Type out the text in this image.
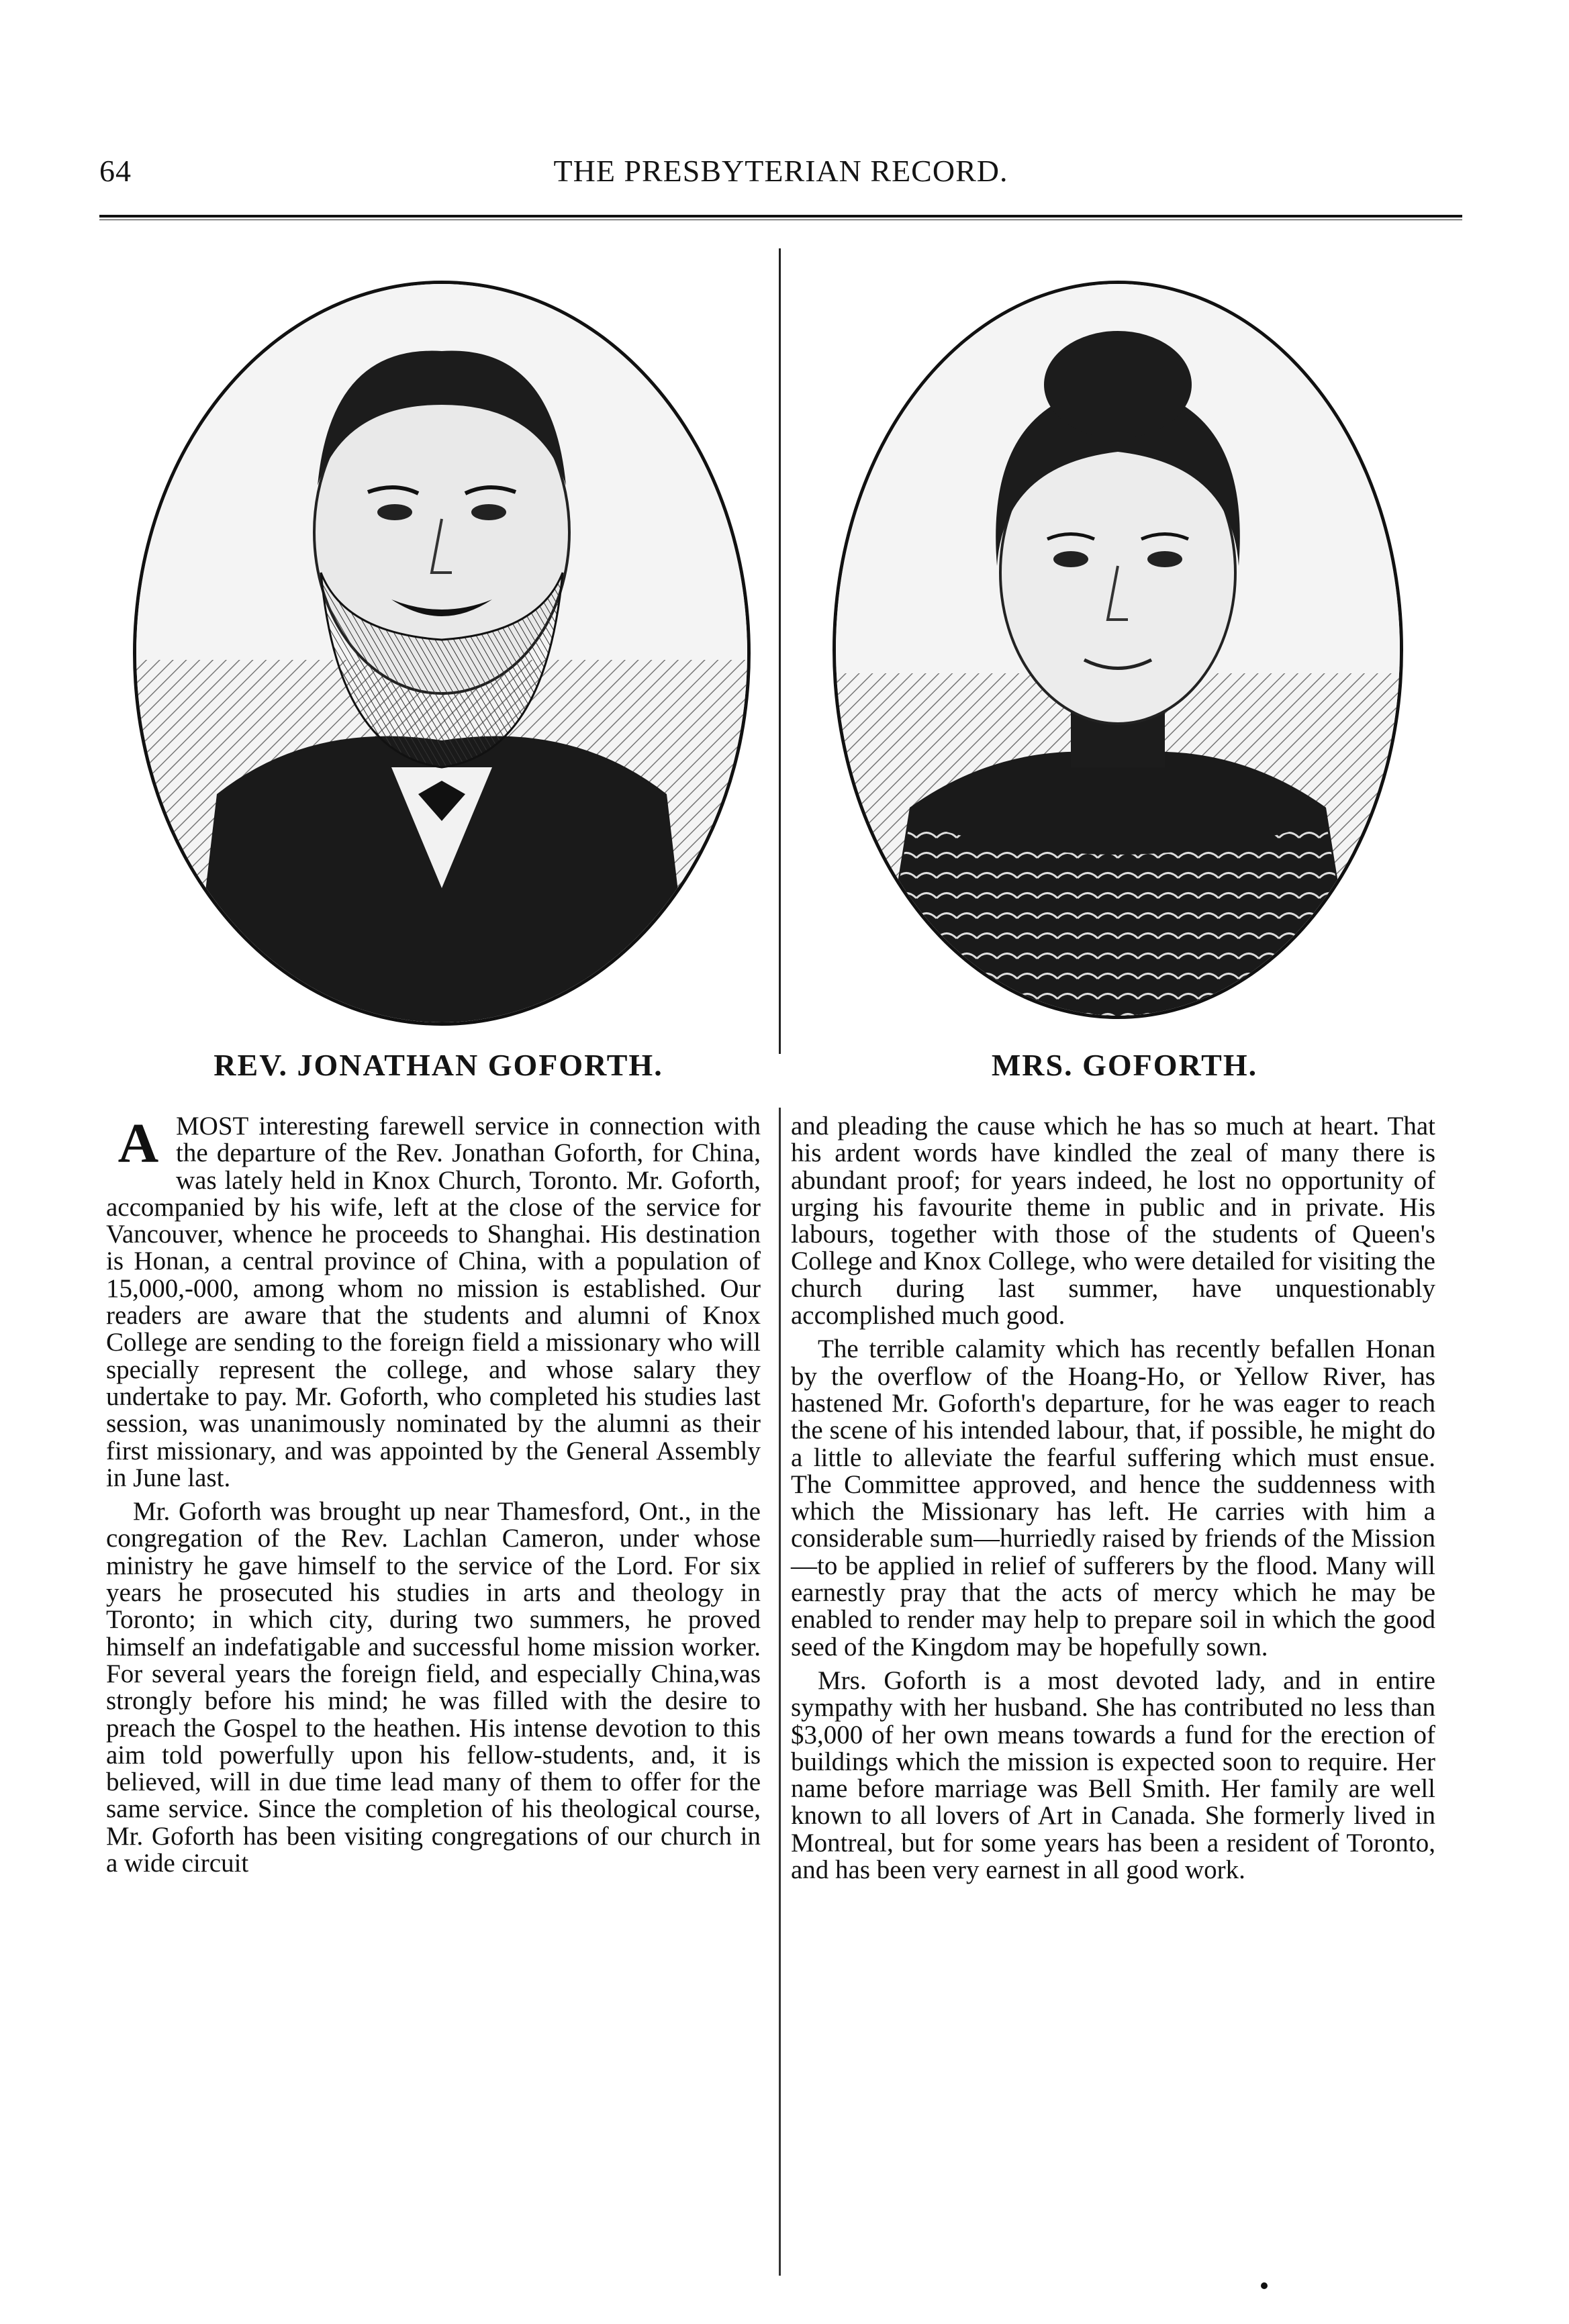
64	THE PRESBYTERIAN RECORD.
REV. JONATHAN GOFORTH.	MRS. GOFORTH.

AMOST interesting farewell service in connection with the departure of the Rev. Jonathan Goforth, for China, was lately held in Knox Church, Toronto. Mr. Goforth, accompanied by his wife, left at the close of the service for Vancouver, whence he proceeds to Shanghai. His destination is Honan, a central province of China, with a population of 15,000,-000, among whom no mission is established. Our readers are aware that the students and alumni of Knox College are sending to the foreign field a missionary who will specially represent the college, and whose salary they undertake to pay. Mr. Goforth, who completed his studies last session, was unanimously nominated by the alumni as their first missionary, and was appointed by the General Assembly in June last.

Mr. Goforth was brought up near Thamesford, Ont., in the congregation of the Rev. Lachlan Cameron, under whose ministry he gave himself to the service of the Lord. For six years he prosecuted his studies in arts and theology in Toronto; in which city, during two summers, he proved himself an indefatigable and successful home mission worker. For several years the foreign field, and especially China,was strongly before his mind; he was filled with the desire to preach the Gospel to the heathen. His intense devotion to this aim told powerfully upon his fellow-students, and, it is believed, will in due time lead many of them to offer for the same service. Since the completion of his theological course, Mr. Goforth has been visiting congregations of our church in a wide circuit

and pleading the cause which he has so much at heart. That his ardent words have kindled the zeal of many there is abundant proof; for years indeed, he lost no opportunity of urging his favourite theme in public and in private. His labours, together with those of the students of Queen's College and Knox College, who were detailed for visiting the church during last summer, have unquestionably accomplished much good.

The terrible calamity which has recently befallen Honan by the overflow of the Hoang-Ho, or Yellow River, has hastened Mr. Goforth's departure, for he was eager to reach the scene of his intended labour, that, if possible, he might do a little to alleviate the fearful suffering which must ensue. The Committee approved, and hence the suddenness with which the Missionary has left. He carries with him a considerable sum—hurriedly raised by friends of the Mission—to be applied in relief of sufferers by the flood. Many will earnestly pray that the acts of mercy which he may be enabled to render may help to prepare soil in which the good seed of the Kingdom may be hopefully sown.

Mrs. Goforth is a most devoted lady, and in entire sympathy with her husband. She has contributed no less than $3,000 of her own means towards a fund for the erection of buildings which the mission is expected soon to require. Her name before marriage was Bell Smith. Her family are well known to all lovers of Art in Canada. She formerly lived in Montreal, but for some years has been a resident of Toronto, and has been very earnest in all good work.
